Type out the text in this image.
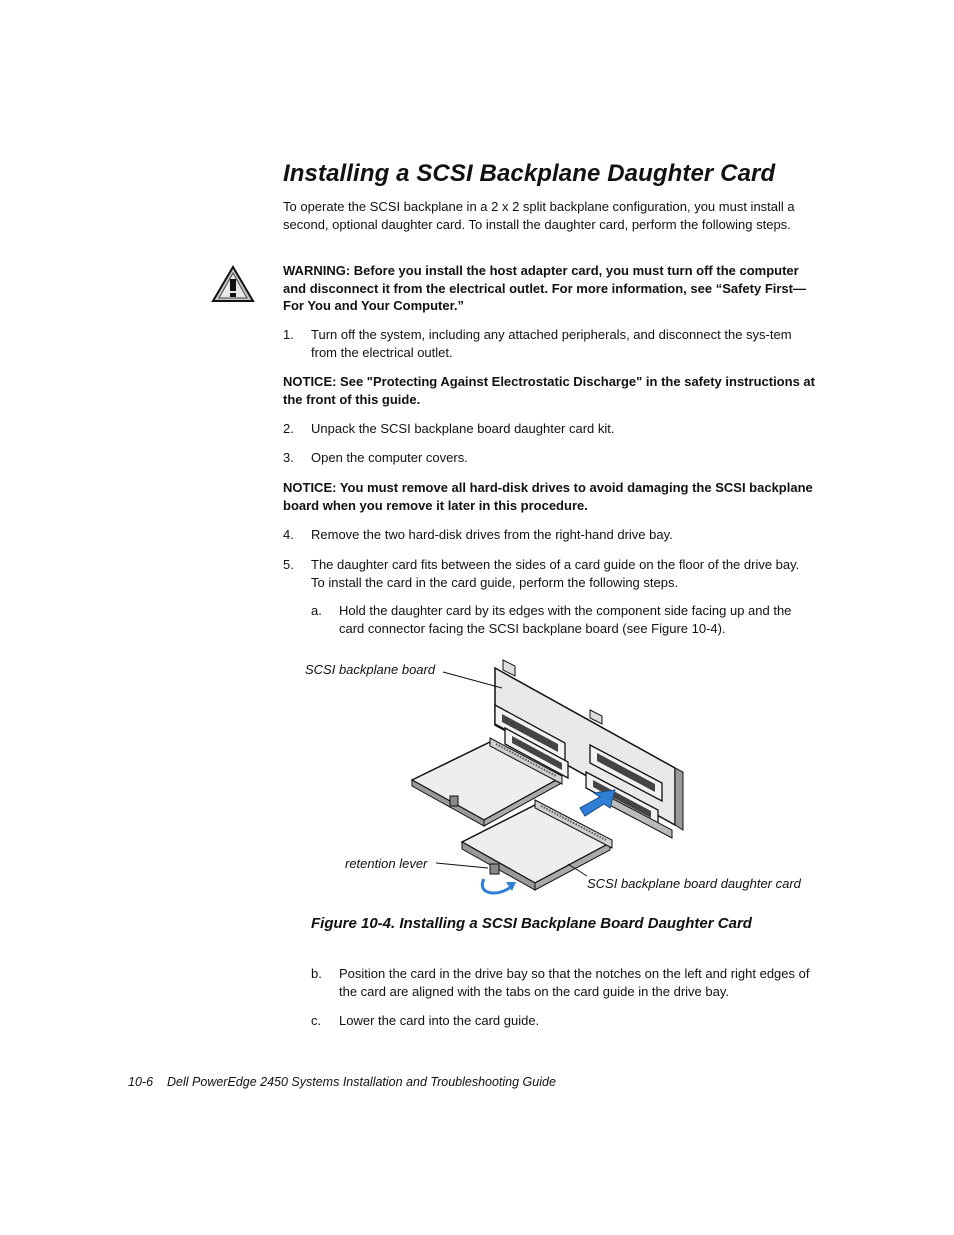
Installing a SCSI Backplane Daughter Card

To operate the SCSI backplane in a 2 x 2 split backplane configuration, you must install a second, optional daughter card. To install the daughter card, perform the following steps.

WARNING: Before you install the host adapter card, you must turn off the computer and disconnect it from the electrical outlet. For more information, see “Safety First—For You and Your Computer.”

1.	Turn off the system, including any attached peripherals, and disconnect the sys-tem from the electrical outlet.

NOTICE: See "Protecting Against Electrostatic Discharge" in the safety instructions at the front of this guide.

2.	Unpack the SCSI backplane board daughter card kit.
3.	Open the computer covers.

NOTICE: You must remove all hard-disk drives to avoid damaging the SCSI backplane board when you remove it later in this procedure.

4.	Remove the two hard-disk drives from the right-hand drive bay.
5.	The daughter card fits between the sides of a card guide on the floor of the drive bay. To install the card in the card guide, perform the following steps.
a.	Hold the daughter card by its edges with the component side facing up and the card connector facing the SCSI backplane board (see Figure 10-4).
SCSI backplane board
retention lever
SCSI backplane board daughter card
Figure 10-4. Installing a SCSI Backplane Board Daughter Card
b.	Position the card in the drive bay so that the notches on the left and right edges of the card are aligned with the tabs on the card guide in the drive bay.
c.	Lower the card into the card guide.
10-6 Dell PowerEdge 2450 Systems Installation and Troubleshooting Guide
